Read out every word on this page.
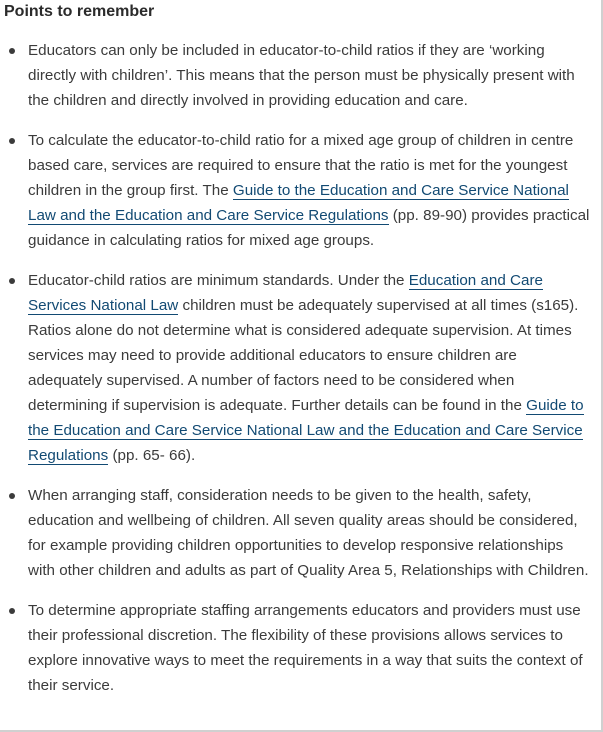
Points to remember
Educators can only be included in educator-to-child ratios if they are ‘working directly with children’. This means that the person must be physically present with the children and directly involved in providing education and care.
To calculate the educator-to-child ratio for a mixed age group of children in centre based care, services are required to ensure that the ratio is met for the youngest children in the group first. The Guide to the Education and Care Service National Law and the Education and Care Service Regulations (pp. 89-90) provides practical guidance in calculating ratios for mixed age groups.
Educator-child ratios are minimum standards. Under the Education and Care Services National Law children must be adequately supervised at all times (s165). Ratios alone do not determine what is considered adequate supervision. At times services may need to provide additional educators to ensure children are adequately supervised. A number of factors need to be considered when determining if supervision is adequate. Further details can be found in the Guide to the Education and Care Service National Law and the Education and Care Service Regulations (pp. 65- 66).
When arranging staff, consideration needs to be given to the health, safety, education and wellbeing of children. All seven quality areas should be considered, for example providing children opportunities to develop responsive relationships with other children and adults as part of Quality Area 5, Relationships with Children.
To determine appropriate staffing arrangements educators and providers must use their professional discretion. The flexibility of these provisions allows services to explore innovative ways to meet the requirements in a way that suits the context of their service.
